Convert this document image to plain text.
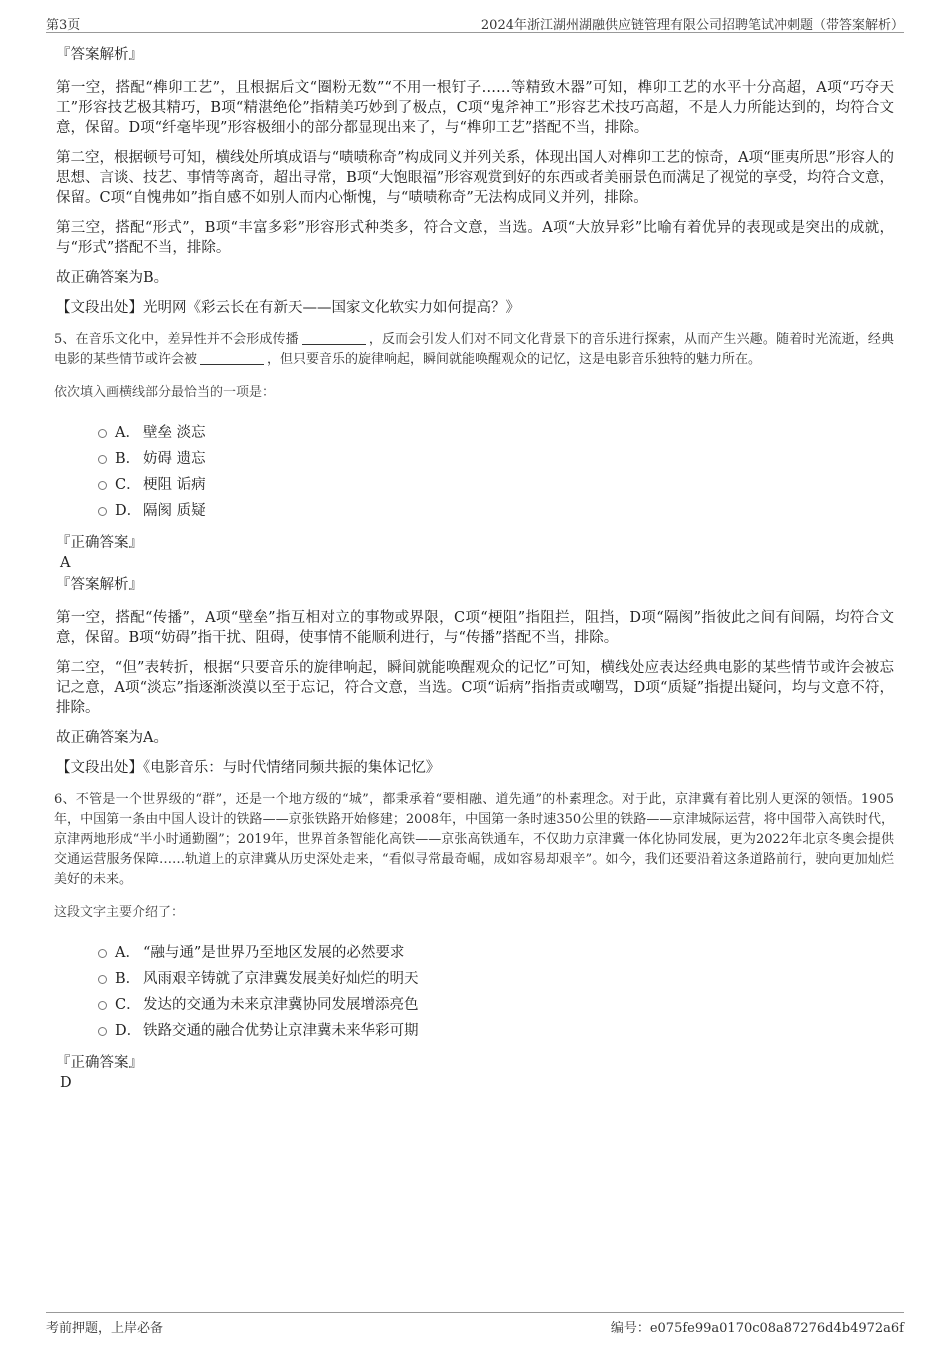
第3页	2024年浙江湖州湖融供应链管理有限公司招聘笔试冲刺题（带答案解析）
『答案解析』

第一空，搭配“榫卯工艺”，且根据后文“圈粉无数”“不用一根钉子……等精致木器”可知，榫卯工艺的水平十分高超，A项“巧夺天工”形容技艺极其精巧，B项“精湛绝伦”指精美巧妙到了极点，C项“鬼斧神工”形容艺术技巧高超，不是人力所能达到的，均符合文意，保留。D项“纤毫毕现”形容极细小的部分都显现出来了，与“榫卯工艺”搭配不当，排除。

第二空，根据顿号可知，横线处所填成语与“啧啧称奇”构成同义并列关系，体现出国人对榫卯工艺的惊奇，A项“匪夷所思”形容人的思想、言谈、技艺、事情等离奇，超出寻常，B项“大饱眼福”形容观赏到好的东西或者美丽景色而满足了视觉的享受，均符合文意，保留。C项“自愧弗如”指自感不如别人而内心惭愧，与“啧啧称奇”无法构成同义并列，排除。

第三空，搭配“形式”，B项“丰富多彩”形容形式种类多，符合文意，当选。A项“大放异彩”比喻有着优异的表现或是突出的成就，与“形式”搭配不当，排除。

故正确答案为B。

【文段出处】光明网《彩云长在有新天——国家文化软实力如何提高？》

5、在音乐文化中，差异性并不会形成传播	，反而会引发人们对不同文化背景下的音乐进行探索，从而产生兴趣。随着时光流逝，经典电影的某些情节或许会被	，但只要音乐的旋律响起，瞬间就能唤醒观众的记忆，这是电影音乐独特的魅力所在。

依次填入画横线部分最恰当的一项是：

A． 壁垒 淡忘
B． 妨碍 遗忘
C． 梗阻 诟病
D． 隔阂 质疑
『正确答案』
A
『答案解析』

第一空，搭配“传播”，A项“壁垒”指互相对立的事物或界限，C项“梗阻”指阻拦，阻挡，D项“隔阂”指彼此之间有间隔，均符合文意，保留。B项“妨碍”指干扰、阻碍，使事情不能顺利进行，与“传播”搭配不当，排除。

第二空，“但”表转折，根据“只要音乐的旋律响起，瞬间就能唤醒观众的记忆”可知，横线处应表达经典电影的某些情节或许会被忘记之意，A项“淡忘”指逐渐淡漠以至于忘记，符合文意，当选。C项“诟病”指指责或嘲骂，D项“质疑”指提出疑问，均与文意不符，排除。

故正确答案为A。

【文段出处】《电影音乐：与时代情绪同频共振的集体记忆》

6、不管是一个世界级的“群”，还是一个地方级的“城”，都秉承着“要相融、道先通”的朴素理念。对于此，京津冀有着比别人更深的领悟。1905年，中国第一条由中国人设计的铁路——京张铁路开始修建；2008年，中国第一条时速350公里的铁路——京津城际运营，将中国带入高铁时代，京津两地形成“半小时通勤圈”；2019年，世界首条智能化高铁——京张高铁通车，不仅助力京津冀一体化协同发展，更为2022年北京冬奥会提供交通运营服务保障……轨道上的京津冀从历史深处走来，“看似寻常最奇崛，成如容易却艰辛”。如今，我们还要沿着这条道路前行，驶向更加灿烂美好的未来。

这段文字主要介绍了：

A． “融与通”是世界乃至地区发展的必然要求
B． 风雨艰辛铸就了京津冀发展美好灿烂的明天
C． 发达的交通为未来京津冀协同发展增添亮色
D． 铁路交通的融合优势让京津冀未来华彩可期
『正确答案』
D
考前押题，上岸必备	编号：e075fe99a0170c08a87276d4b4972a6f
